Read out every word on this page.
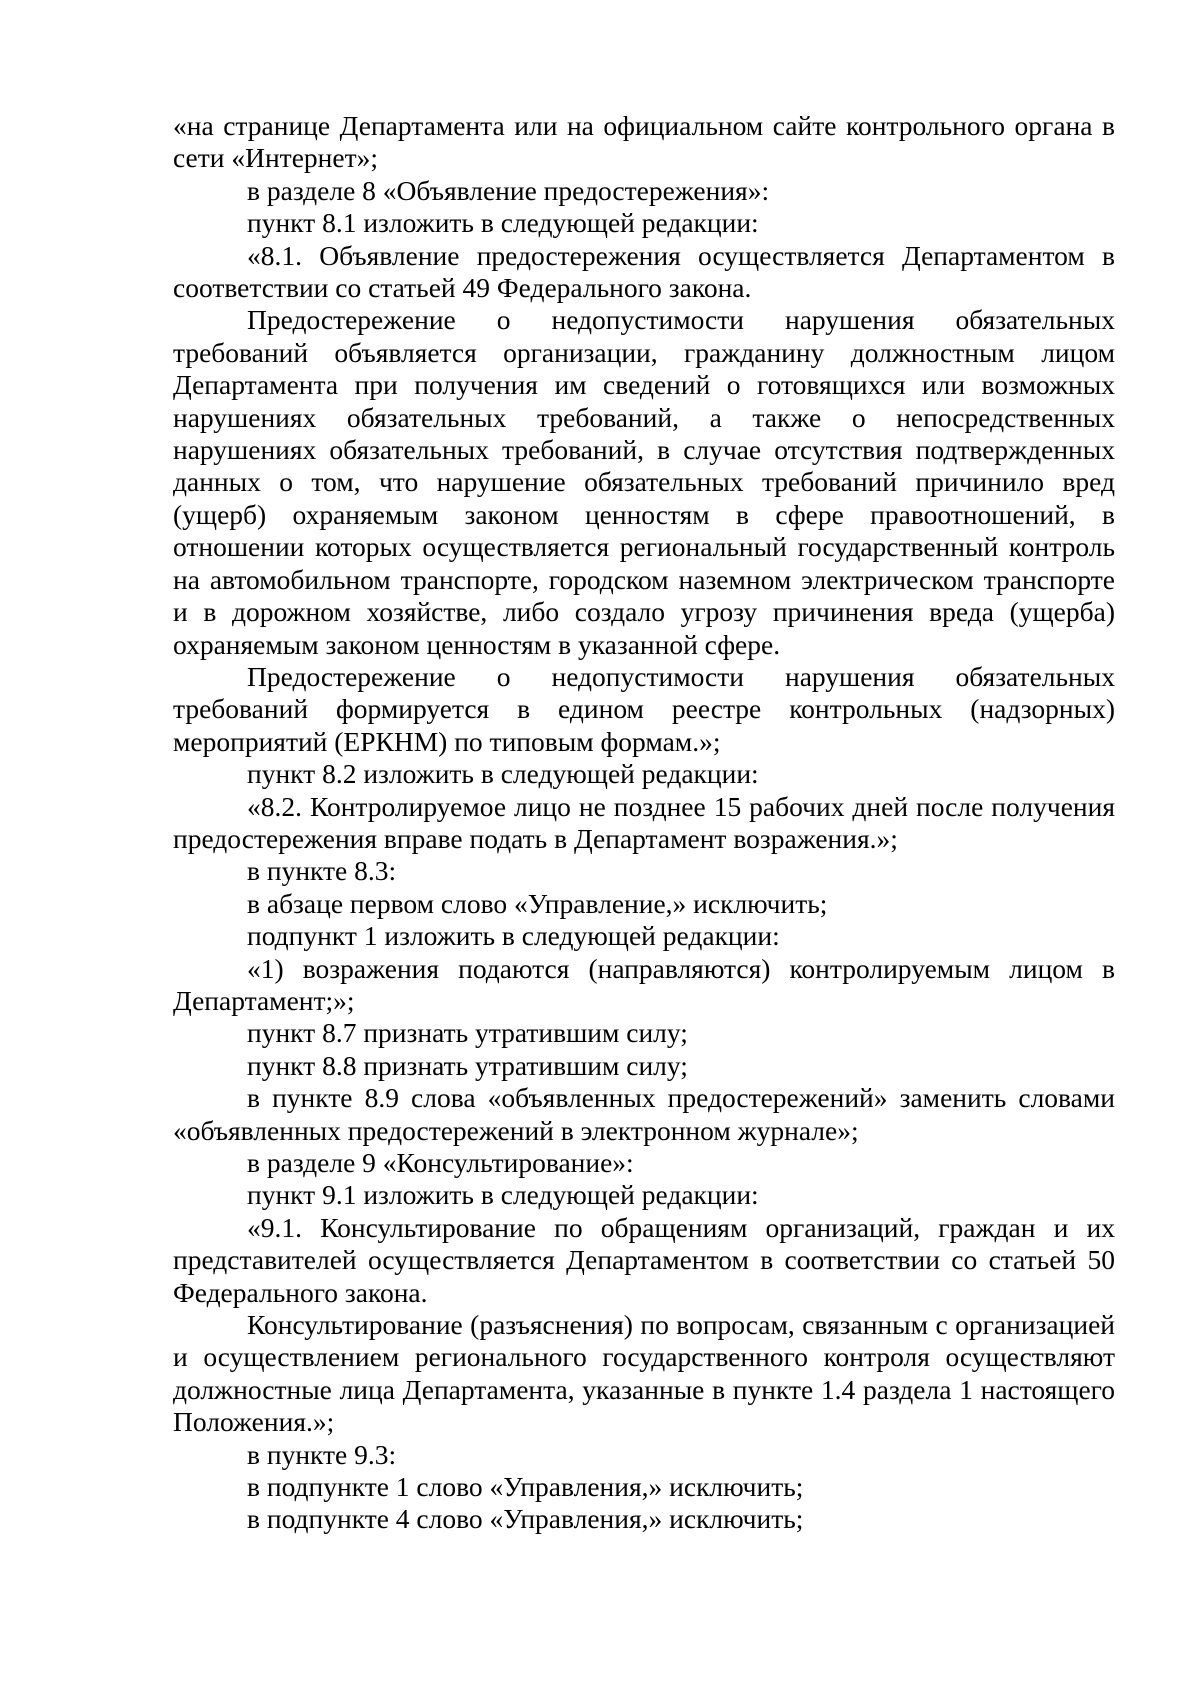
«на странице Департамента или на официальном сайте контрольного органа в сети «Интернет»;

в разделе 8 «Объявление предостережения»:

пункт 8.1 изложить в следующей редакции:

«8.1. Объявление предостережения осуществляется Департаментом в соответствии со статьей 49 Федерального закона.

Предостережение о недопустимости нарушения обязательных требований объявляется организации, гражданину должностным лицом Департамента при получения им сведений о готовящихся или возможных нарушениях обязательных требований, а также о непосредственных нарушениях обязательных требований, в случае отсутствия подтвержденных данных о том, что нарушение обязательных требований причинило вред (ущерб) охраняемым законом ценностям в сфере правоотношений, в отношении которых осуществляется региональный государственный контроль на автомобильном транспорте, городском наземном электрическом транспорте и в дорожном хозяйстве, либо создало угрозу причинения вреда (ущерба) охраняемым законом ценностям в указанной сфере.

Предостережение о недопустимости нарушения обязательных требований формируется в едином реестре контрольных (надзорных) мероприятий (ЕРКНМ) по типовым формам.»;

пункт 8.2 изложить в следующей редакции:

«8.2. Контролируемое лицо не позднее 15 рабочих дней после получения предостережения вправе подать в Департамент возражения.»;

в пункте 8.3:

в абзаце первом слово «Управление,» исключить;

подпункт 1 изложить в следующей редакции:

«1) возражения подаются (направляются) контролируемым лицом в Департамент;»;

пункт 8.7 признать утратившим силу;

пункт 8.8 признать утратившим силу;

в пункте 8.9 слова «объявленных предостережений» заменить словами «объявленных предостережений в электронном журнале»;

в разделе 9 «Консультирование»:

пункт 9.1 изложить в следующей редакции:

«9.1. Консультирование по обращениям организаций, граждан и их представителей осуществляется Департаментом в соответствии со статьей 50 Федерального закона.

Консультирование (разъяснения) по вопросам, связанным с организацией и осуществлением регионального государственного контроля осуществляют должностные лица Департамента, указанные в пункте 1.4 раздела 1 настоящего Положения.»;

в пункте 9.3:

в подпункте 1 слово «Управления,» исключить;

в подпункте 4 слово «Управления,» исключить;
